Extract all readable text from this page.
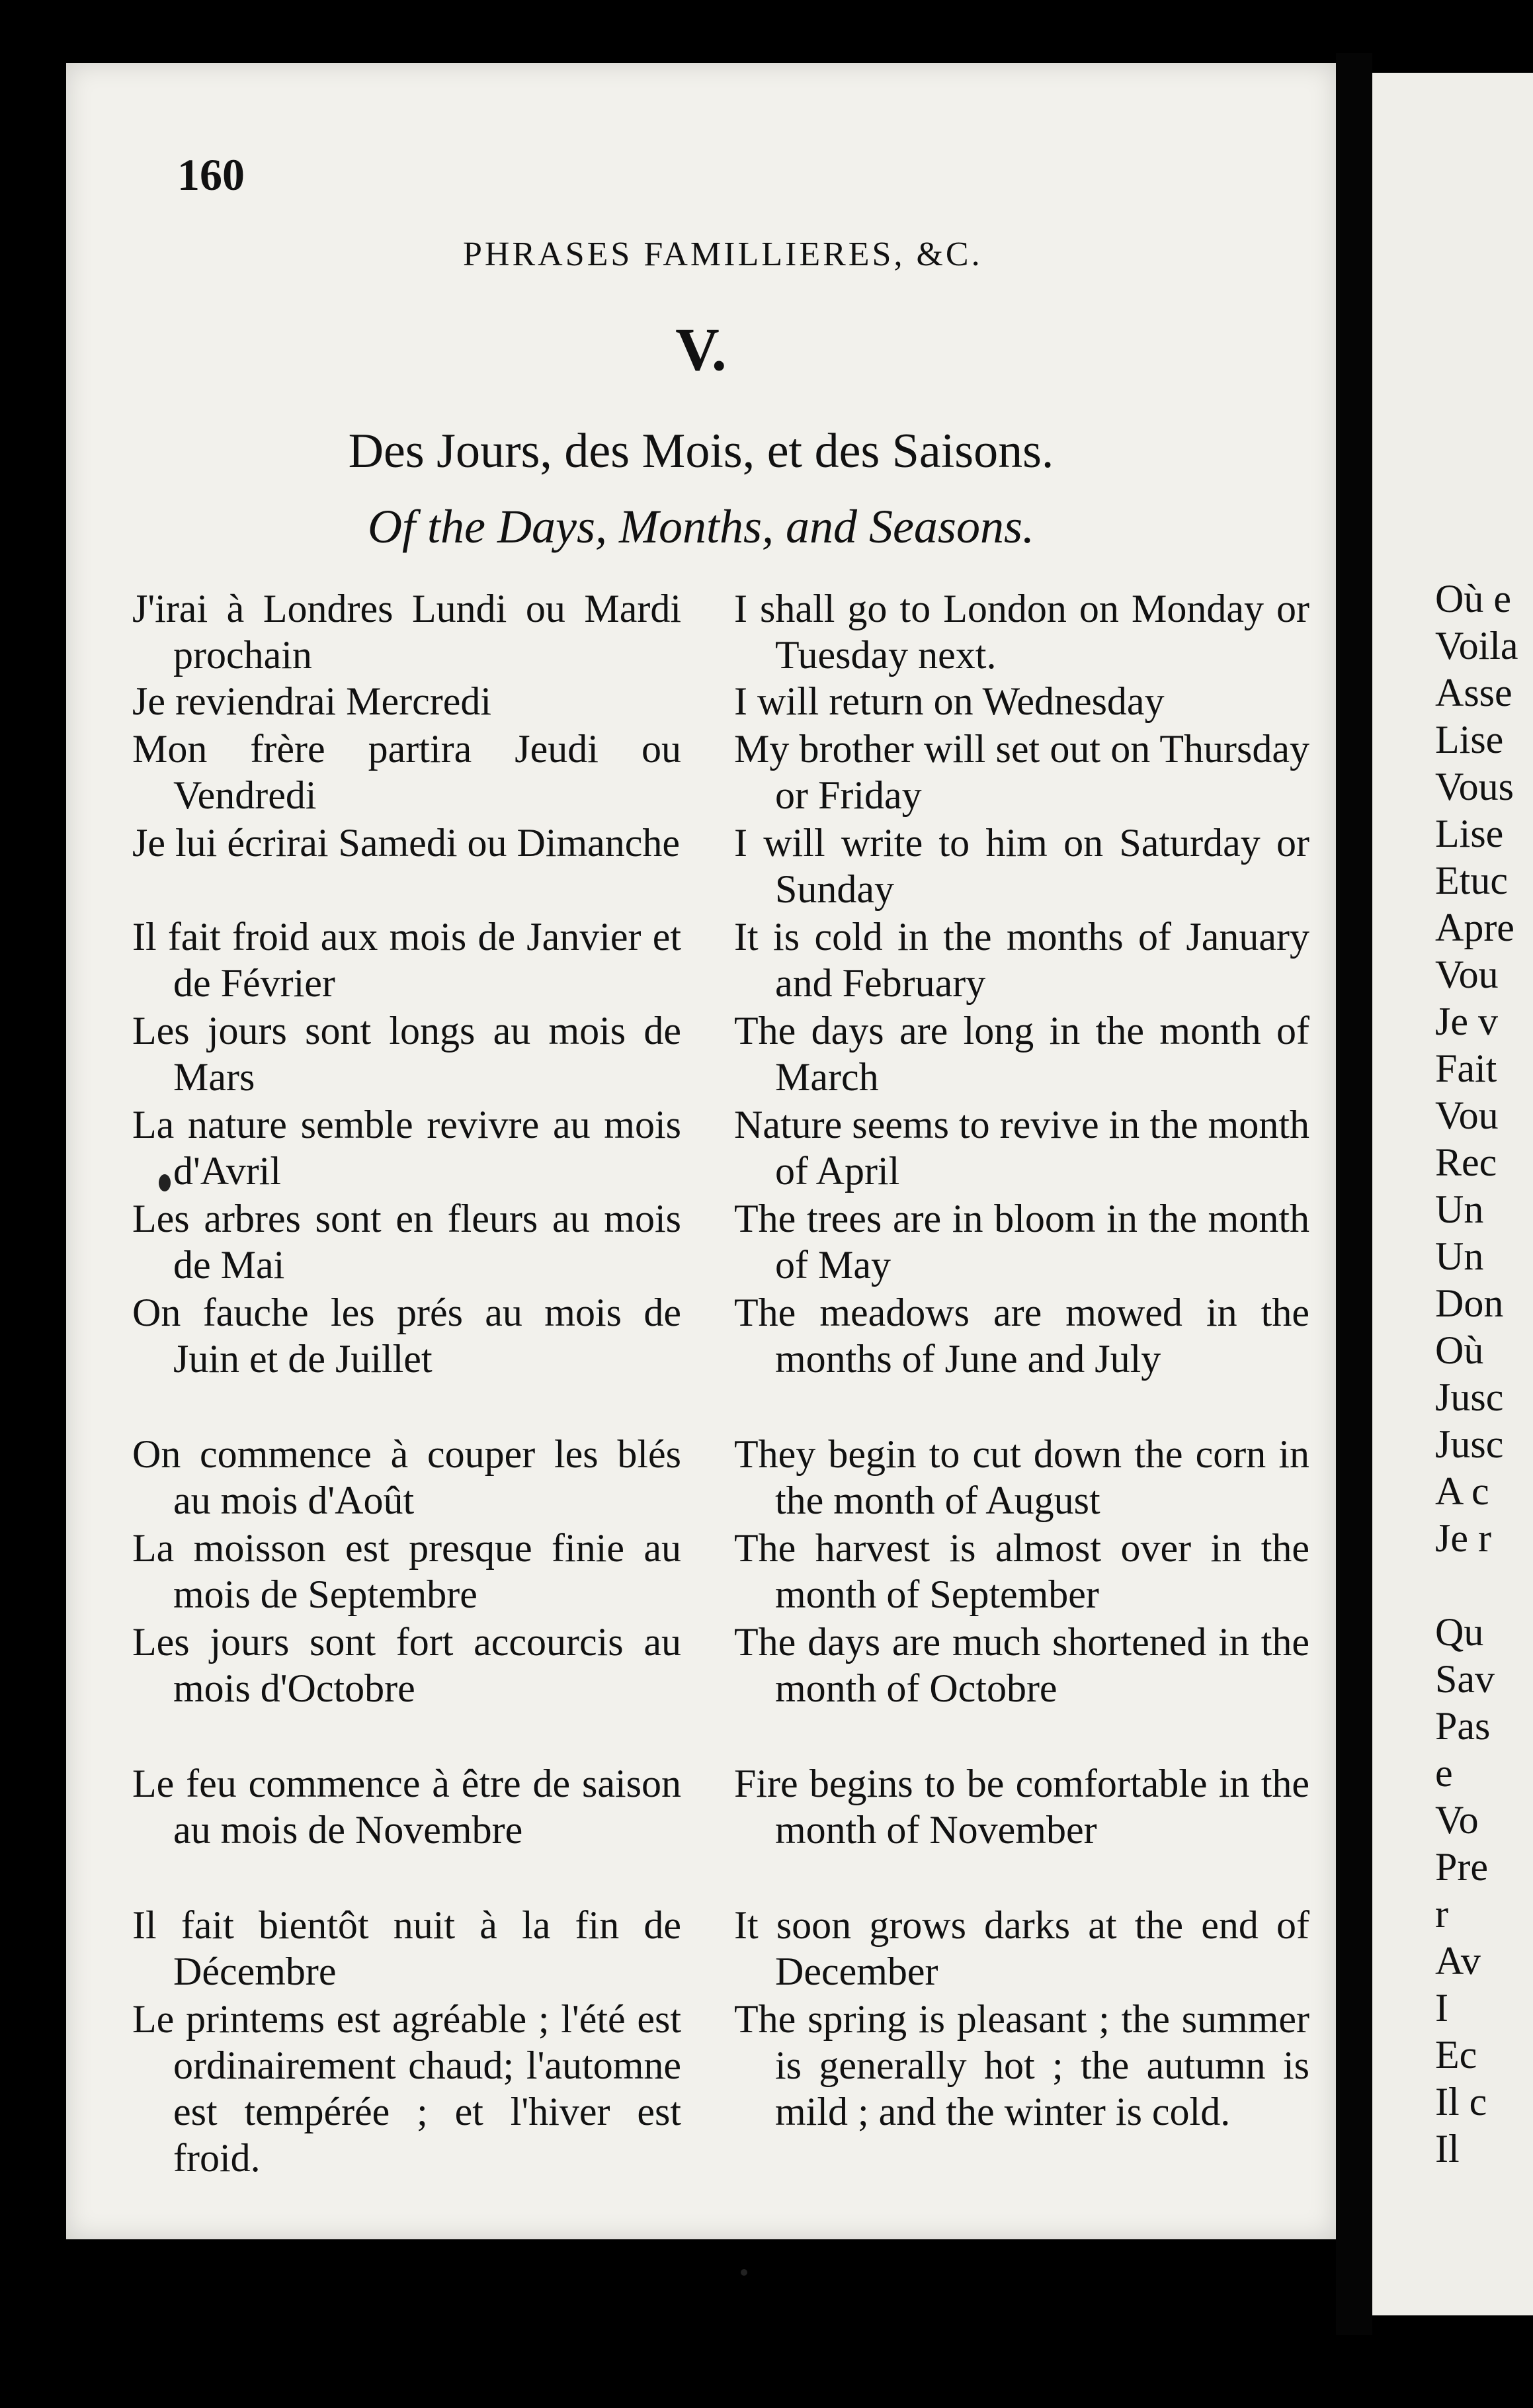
160
PHRASES FAMILLIERES, &C.
V.
Des Jours, des Mois, et des Saisons.
Of the Days, Months, and Seasons.
J'irai à Londres Lundi ou Mardi prochain
I shall go to London on Monday or Tuesday next.
Je reviendrai Mercredi	I will return on Wednesday
Mon frère partira Jeudi ou Vendredi
My brother will set out on Thursday or Friday
Je lui écrirai Samedi ou Dimanche I will write to him on Saturday or Sunday
Il fait froid aux mois de Janvier et de Février
It is cold in the months of January and February
Les jours sont longs au mois de Mars
The days are long in the month of March
La nature semble revivre au mois d'Avril
Nature seems to revive in the month of April
Les arbres sont en fleurs au mois de Mai
The trees are in bloom in the month of May
On fauche les prés au mois de Juin et de Juillet
The meadows are mowed in the months of June and July
On commence à couper les blés au mois d'Août
They begin to cut down the corn in the month of August
La moisson est presque finie au mois de Septembre
The harvest is almost over in the month of September
Les jours sont fort accourcis au mois d'Octobre
The days are much shortened in the month of Octobre
Le feu commence à être de saison au mois de Novembre
Fire begins to be comfortable in the month of November
Il fait bientôt nuit à la fin de Décembre
It soon grows darks at the end of December
Le printems est agréable ; l'été est ordinairement chaud; l'automne est tempérée ; et l'hiver est froid.
The spring is pleasant ; the summer is generally hot ; the autumn is mild ; and the winter is cold.
Où e
Voila
Asse
Lise
Vous
Lise
Etuc
Apre
Vou
Je v
Fait
Vou
Rec
Un
Un
Don
Où
Jusc
Jusc
A c
Je r
Qu
Sav
Pas
e
Vo
Pre
r
Av
I
Ec
Il c
Il
